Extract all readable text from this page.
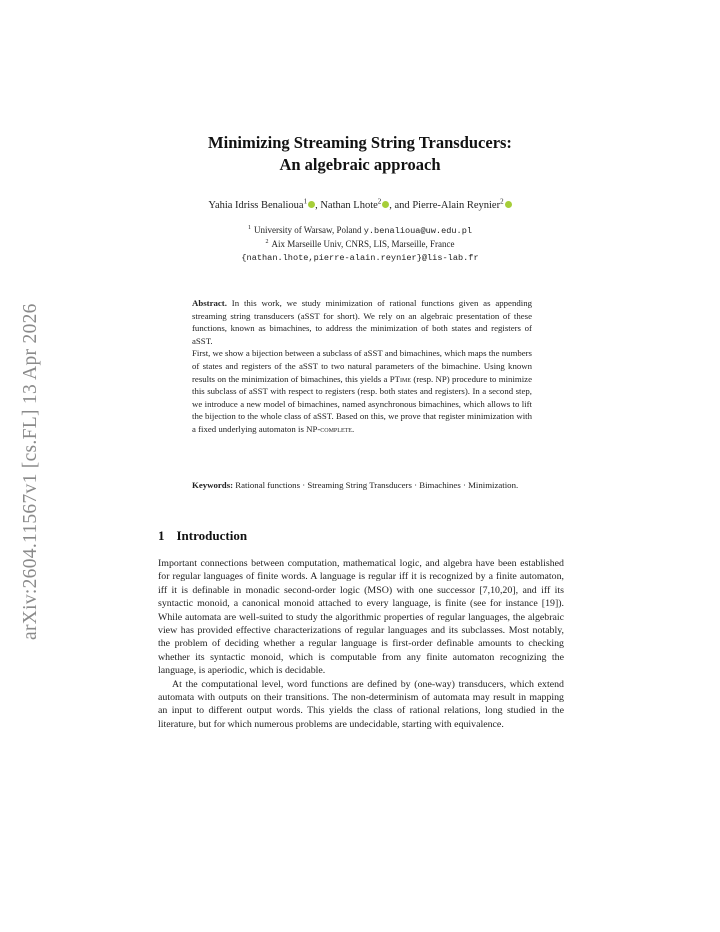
arXiv:2604.11567v1 [cs.FL] 13 Apr 2026
Minimizing Streaming String Transducers:
An algebraic approach
Yahia Idriss Benalioua$^1$ , Nathan Lhote$^2$ , and Pierre-Alain Reynier$^2$
$^1$ University of Warsaw, Poland y.benalioua@uw.edu.pl
$^2$ Aix Marseille Univ, CNRS, LIS, Marseille, France
{nathan.lhote,pierre-alain.reynier}@lis-lab.fr

Abstract. In this work, we study minimization of rational functions given as appending streaming string transducers (aSST for short). We rely on an algebraic presentation of these functions, known as bimachines, to address the minimization of both states and registers of aSST.

First, we show a bijection between a subclass of aSST and bimachines, which maps the numbers of states and registers of the aSST to two natural parameters of the bimachine. Using known results on the minimization of bimachines, this yields a PTime (resp. NP) procedure to minimize this subclass of aSST with respect to registers (resp. both states and registers). In a second step, we introduce a new model of bimachines, named asynchronous bimachines, which allows to lift the bijection to the whole class of aSST. Based on this, we prove that register minimization with a fixed underlying automaton is NP-complete.

Keywords: Rational functions · Streaming String Transducers · Bimachines · Minimization.
1 Introduction

Important connections between computation, mathematical logic, and algebra have been established for regular languages of finite words. A language is regular iff it is recognized by a finite automaton, iff it is definable in monadic second-order logic (MSO) with one successor [7,10,20], and iff its syntactic monoid, a canonical monoid attached to every language, is finite (see for instance [19]). While automata are well-suited to study the algorithmic properties of regular languages, the algebraic view has provided effective characterizations of regular languages and its subclasses. Most notably, the problem of deciding whether a regular language is first-order definable amounts to checking whether its syntactic monoid, which is computable from any finite automaton recognizing the language, is aperiodic, which is decidable.

At the computational level, word functions are defined by (one-way) transducers, which extend automata with outputs on their transitions. The non-determinism of automata may result in mapping an input to different output words. This yields the class of rational relations, long studied in the literature, but for which numerous problems are undecidable, starting with equivalence.
